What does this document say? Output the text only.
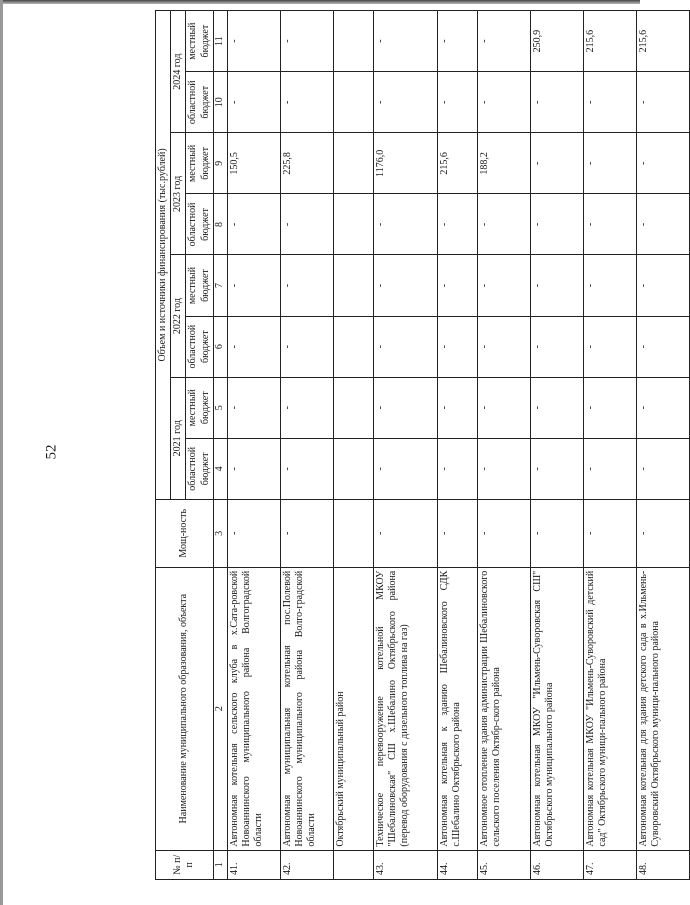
52
№ п/п	Наименование муниципального образования, объекта	Мощ-ность	Объем и источники финансирования (тыс.рублей)							
			2021 год		2022 год		2023 год		2024 год	
			областной бюджет	местный бюджет	областной бюджет	местный бюджет	областной бюджет	местный бюджет	областной бюджет	местный бюджет
1	2	3	4	5	6	7	8	9	10	11
41.	Автономная котельная сельского клуба в х.Сата-ровской Новоаннинского муниципального района Волгоградской области	-	-	-	-	-	-	150,5	-	-
42.	Автономная муниципальная котельная пос.Полевой Новоаннинского муниципального района Волго-градской области	-	-	-	-	-	-	225,8	-	-
	Октябрьский муниципальный район									
43.	Техническое перевооружение котельной МКОУ "Шебалиновская" СШ х.Шебалино Октябрьского района (перевод оборудования с дизельного топлива на газ)	-	-	-	-	-	-	1176,0	-	-
44.	Автономная котельная к зданию Шебалиновского СДК с.Шебалино Октябрьского района	-	-	-	-	-	-	215,6	-	-
45.	Автономное отопление здания администрации Шебалиновского сельского поселения Октябр-ского района	-	-	-	-	-	-	188,2	-	-
46.	Автономная котельная МКОУ "Ильмень-Суворовская СШ" Октябрьского муниципального района	-	-	-	-	-	-	-	-	250,9
47.	Автономная котельная МКОУ "Ильмень-Суворовский детский сад" Октябрьского муници-пального района	-	-	-	-	-	-	-	-	215,6
48.	Автономная котельная для здания детского сада в х.Ильмень-Суворовский Октябрьского муници-пального района	-	-	-	-	-	-	-	-	215,6
